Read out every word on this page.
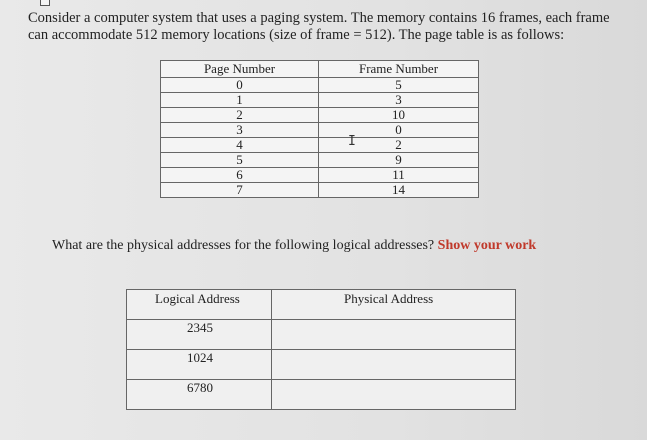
Consider a computer system that uses a paging system. The memory contains 16 frames, each frame can accommodate 512 memory locations (size of frame = 512). The page table is as follows:
Page Number	Frame Number
0	5
1	3
2	10
3	0
4	2
5	9
6	11
7	14
I
What are the physical addresses for the following logical addresses? Show your work
Logical Address	Physical Address
2345	
1024	
6780	
